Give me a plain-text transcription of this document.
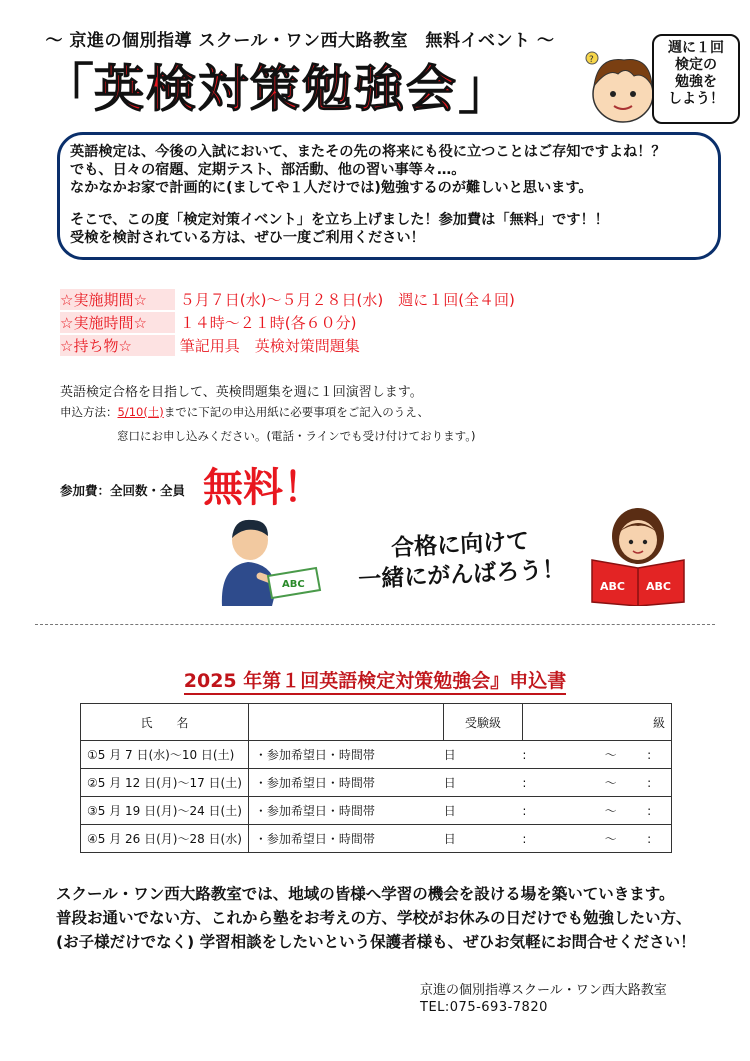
～ 京進の個別指導 スクール・ワン西大路教室　無料イベント ～
「 英検対策勉強会 」	?
週に１回
検定の
勉強を
しよう！

英語検定は、今後の入試において、またその先の将来にも役に立つことはご存知ですよね！？

でも、日々の宿題、定期テスト、部活動、他の習い事等々…。

なかなかお家で計画的に(ましてや１人だけでは)勉強するのが難しいと思います。

そこで、この度「検定対策イベント」を立ち上げました！参加費は「無料」です！！

受検を検討されている方は、ぜひ一度ご利用ください！

☆実施期間☆ ５月７日(水)～５月２８日(水)　週に１回(全４回)
☆実施時間☆ １４時～２１時(各６０分)
☆持ち物☆	筆記用具　英検対策問題集
英語検定合格を目指して、英検問題集を週に１回演習します。
申込方法：5/10(土)までに下記の申込用紙に必要事項をご記入のうえ、
窓口にお申し込みください。(電話・ラインでも受け付けております。)
参加費：全回数・全員 無料！
ABC
合格に向けて
一緒にがんばろう！	ABC ABC
2025 年第１回英語検定対策勉強会』申込書
氏　　名		受験級	級	
①5 月 7 日(水)～10 日(土)	・参加希望日・時間帯	日	:	～ :
②5 月 12 日(月)～17 日(土)	・参加希望日・時間帯	日	:	～ :
③5 月 19 日(月)～24 日(土)	・参加希望日・時間帯	日	:	～ :
④5 月 26 日(月)～28 日(水)	・参加希望日・時間帯	日	:	～ :
スクール・ワン西大路教室では、地域の皆様へ学習の機会を設ける場を築いていきます。
普段お通いでない方、これから塾をお考えの方、学校がお休みの日だけでも勉強したい方、
(お子様だけでなく) 学習相談をしたいという保護者様も、ぜひお気軽にお問合せください！
京進の個別指導スクール・ワン西大路教室
TEL:075-693-7820
